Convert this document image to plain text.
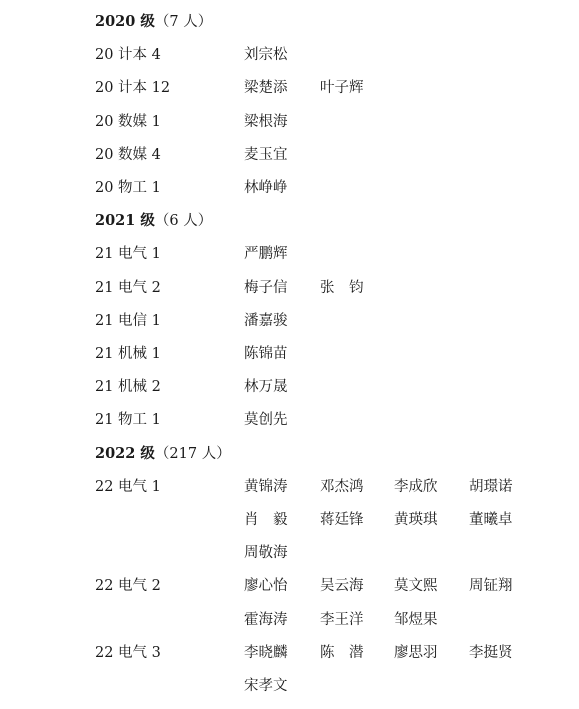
2020 级（7 人）
20 计本 4	刘宗松
20 计本 12	梁楚添 叶子辉
20 数媒 1	梁根海
20 数媒 4	麦玉宜
20 物工 1	林峥峥
2021 级（6 人）
21 电气 1	严鹏辉
21 电气 2	梅子信 张　钧
21 电信 1	潘嘉骏
21 机械 1	陈锦苗
21 机械 2	林万晟
21 物工 1	莫创先
2022 级（217 人）
22 电气 1	黄锦涛 邓杰鸿 李成欣 胡璟诺
肖　毅 蒋廷锋 黄瑛琪 董曦卓
周敬海
22 电气 2	廖心怡 吴云海 莫文熙 周钲翔
霍海涛 李王洋 邹煜果
22 电气 3	李晓麟 陈　潜 廖思羽 李挺贤
宋孝文
